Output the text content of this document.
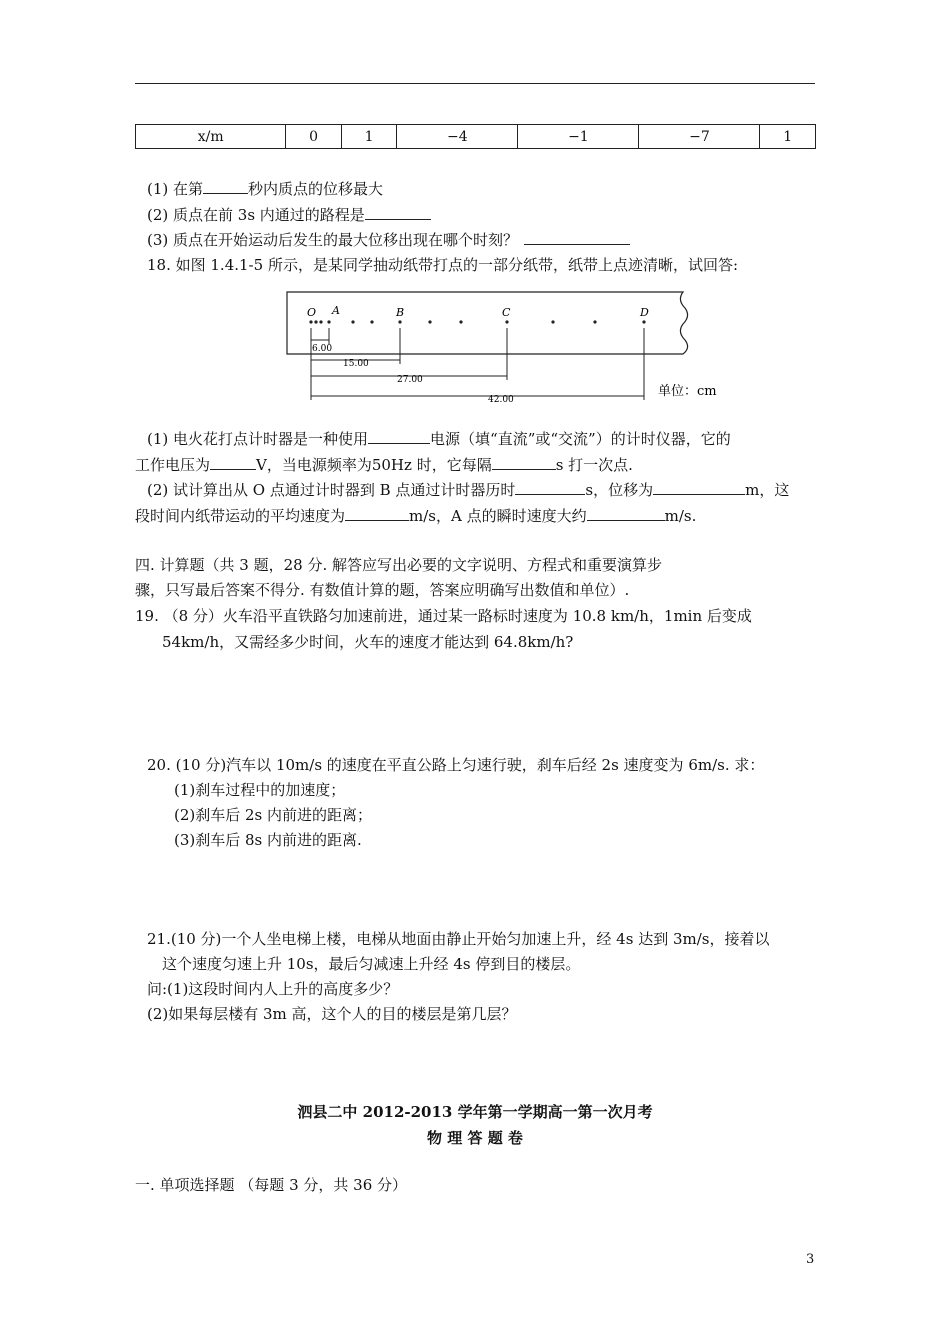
x/m	0	1	−4	−1	−7	1
(1) 在第	秒内质点的位移最大
(2) 质点在前 3s 内通过的路程是
(3) 质点在开始运动后发生的最大位移出现在哪个时刻？
18. 如图 1.4.1-5 所示，是某同学抽动纸带打点的一部分纸带，纸带上点迹清晰，试回答:
O A	B	C	D
6.00
15.00
27.00
42.00
单位：cm
(1) 电火花打点计时器是一种使用	电源（填“直流”或“交流”）的计时仪器，它的
工作电压为	V，当电源频率为50Hz 时，它每隔	s 打一次点.
(2) 试计算出从 O 点通过计时器到 B 点通过计时器历时	s，位移为	m，这
段时间内纸带运动的平均速度为	m/s，A 点的瞬时速度大约	m/s.
四. 计算题（共 3 题，28 分. 解答应写出必要的文字说明、方程式和重要演算步
骤，只写最后答案不得分. 有数值计算的题，答案应明确写出数值和单位）.
19. （8 分）火车沿平直铁路匀加速前进，通过某一路标时速度为 10.8 km/h，1min 后变成
54km/h，又需经多少时间，火车的速度才能达到 64.8km/h?
20. (10 分)汽车以 10m/s 的速度在平直公路上匀速行驶，刹车后经 2s 速度变为 6m/s. 求：
(1)刹车过程中的加速度；
(2)刹车后 2s 内前进的距离；
(3)刹车后 8s 内前进的距离.
21.(10 分)一个人坐电梯上楼，电梯从地面由静止开始匀加速上升，经 4s 达到 3m/s，接着以
这个速度匀速上升 10s，最后匀减速上升经 4s 停到目的楼层。
问:(1)这段时间内人上升的高度多少？
(2)如果每层楼有 3m 高，这个人的目的楼层是第几层？
泗县二中 2012-2013 学年第一学期高一第一次月考
物 理 答 题 卷
一. 单项选择题 （每题 3 分，共 36 分）
3
